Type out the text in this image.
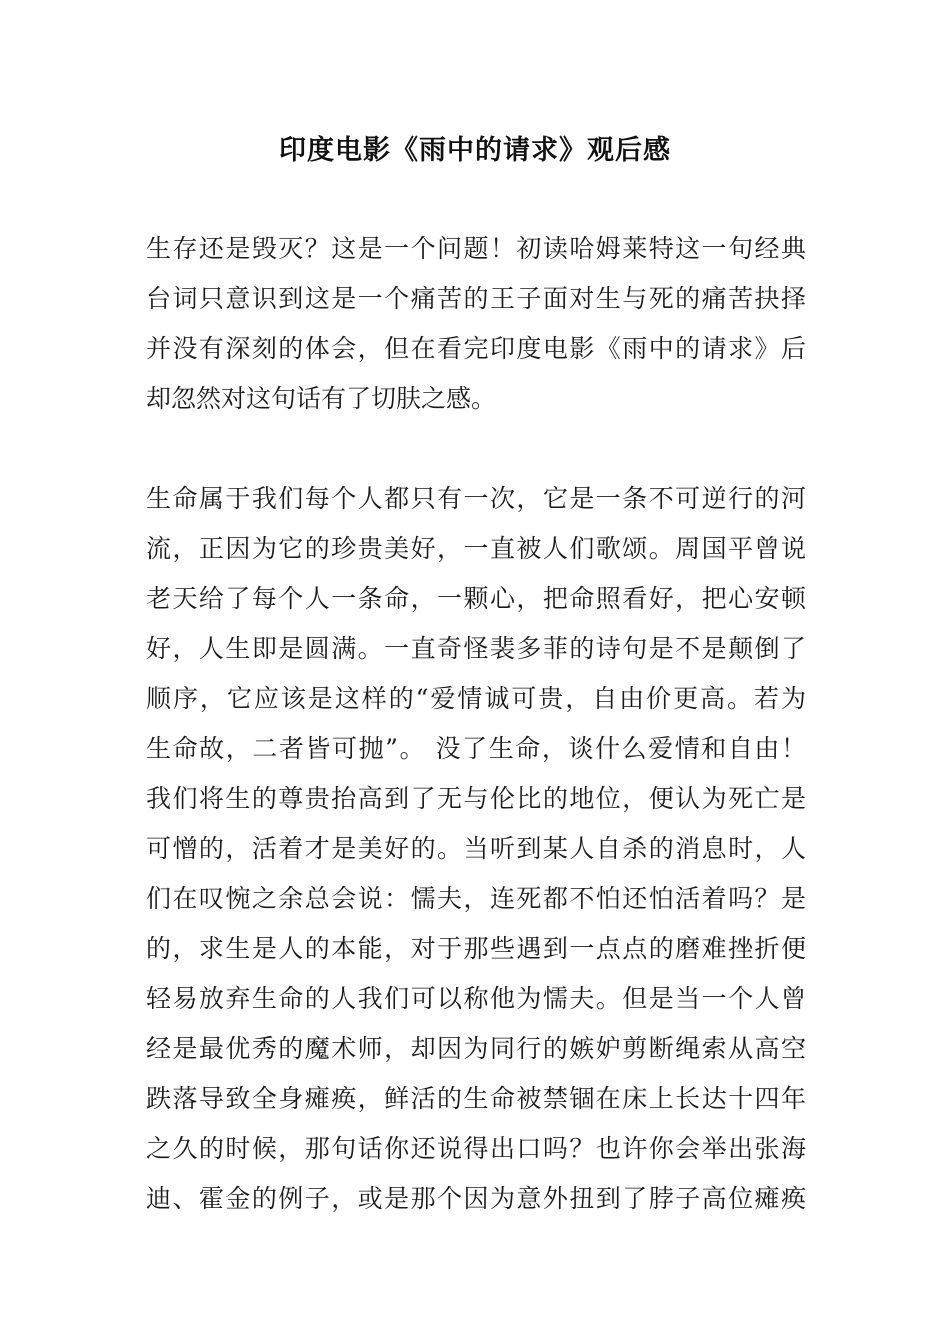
印度电影《雨中的请求》观后感
生存还是毁灭？这是一个问题！初读哈姆莱特这一句经典
台词只意识到这是一个痛苦的王子面对生与死的痛苦抉择
并没有深刻的体会，但在看完印度电影《雨中的请求》后
却忽然对这句话有了切肤之感。
生命属于我们每个人都只有一次，它是一条不可逆行的河
流，正因为它的珍贵美好，一直被人们歌颂。周国平曾说
老天给了每个人一条命，一颗心，把命照看好，把心安顿
好，人生即是圆满。一直奇怪裴多菲的诗句是不是颠倒了
顺序，它应该是这样的“爱情诚可贵，自由价更高。若为
生命故，二者皆可抛”。 没了生命，谈什么爱情和自由！
我们将生的尊贵抬高到了无与伦比的地位，便认为死亡是
可憎的，活着才是美好的。当听到某人自杀的消息时，人
们在叹惋之余总会说：懦夫，连死都不怕还怕活着吗？是
的，求生是人的本能，对于那些遇到一点点的磨难挫折便
轻易放弃生命的人我们可以称他为懦夫。但是当一个人曾
经是最优秀的魔术师，却因为同行的嫉妒剪断绳索从高空
跌落导致全身瘫痪，鲜活的生命被禁锢在床上长达十四年
之久的时候，那句话你还说得出口吗？也许你会举出张海
迪、霍金的例子，或是那个因为意外扭到了脖子高位瘫痪
